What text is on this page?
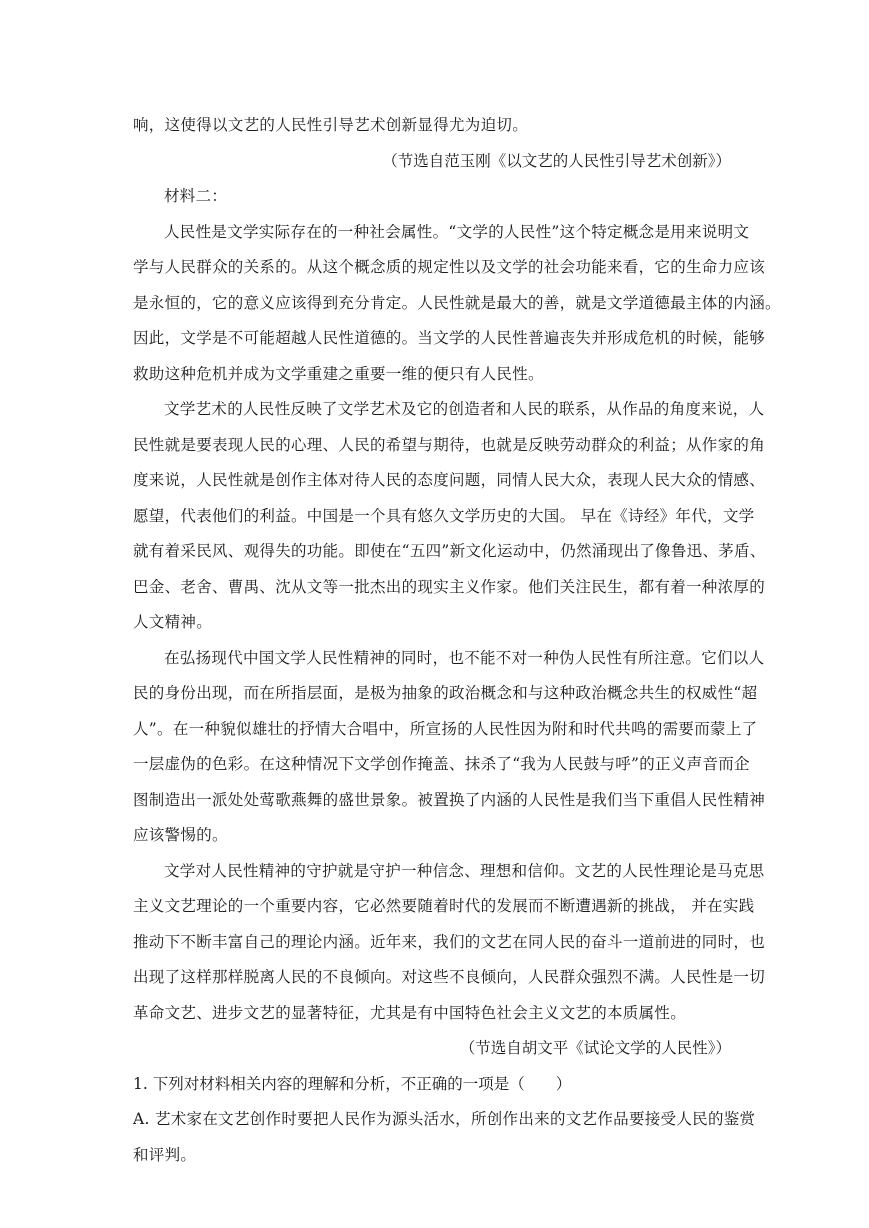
响，这使得以文艺的人民性引导艺术创新显得尤为迫切。
（节选自范玉刚《以文艺的人民性引导艺术创新》）
材料二：
人民性是文学实际存在的一种社会属性。“文学的人民性”这个特定概念是用来说明文
学与人民群众的关系的。从这个概念质的规定性以及文学的社会功能来看，它的生命力应该
是永恒的，它的意义应该得到充分肯定。人民性就是最大的善，就是文学道德最主体的内涵。
因此，文学是不可能超越人民性道德的。当文学的人民性普遍丧失并形成危机的时候，能够
救助这种危机并成为文学重建之重要一维的便只有人民性。
文学艺术的人民性反映了文学艺术及它的创造者和人民的联系，从作品的角度来说，人
民性就是要表现人民的心理、人民的希望与期待，也就是反映劳动群众的利益；从作家的角
度来说，人民性就是创作主体对待人民的态度问题，同情人民大众，表现人民大众的情感、
愿望，代表他们的利益。中国是一个具有悠久文学历史的大国。 早在《诗经》年代，文学
就有着采民风、观得失的功能。即使在“五四”新文化运动中，仍然涌现出了像鲁迅、茅盾、
巴金、老舍、曹禺、沈从文等一批杰出的现实主义作家。他们关注民生，都有着一种浓厚的
人文精神。
在弘扬现代中国文学人民性精神的同时，也不能不对一种伪人民性有所注意。它们以人
民的身份出现，而在所指层面，是极为抽象的政治概念和与这种政治概念共生的权威性“超
人”。在一种貌似雄壮的抒情大合唱中，所宣扬的人民性因为附和时代共鸣的需要而蒙上了
一层虚伪的色彩。在这种情况下文学创作掩盖、抹杀了“我为人民鼓与呼”的正义声音而企
图制造出一派处处莺歌燕舞的盛世景象。被置换了内涵的人民性是我们当下重倡人民性精神
应该警惕的。
文学对人民性精神的守护就是守护一种信念、理想和信仰。文艺的人民性理论是马克思
主义文艺理论的一个重要内容，它必然要随着时代的发展而不断遭遇新的挑战， 并在实践
推动下不断丰富自己的理论内涵。近年来，我们的文艺在同人民的奋斗一道前进的同时，也
出现了这样那样脱离人民的不良倾向。对这些不良倾向，人民群众强烈不满。人民性是一切
革命文艺、进步文艺的显著特征，尤其是有中国特色社会主义文艺的本质属性。
（节选自胡文平《试论文学的人民性》）
1. 下列对材料相关内容的理解和分析，不正确的一项是（　　）
A. 艺术家在文艺创作时要把人民作为源头活水，所创作出来的文艺作品要接受人民的鉴赏
和评判。
